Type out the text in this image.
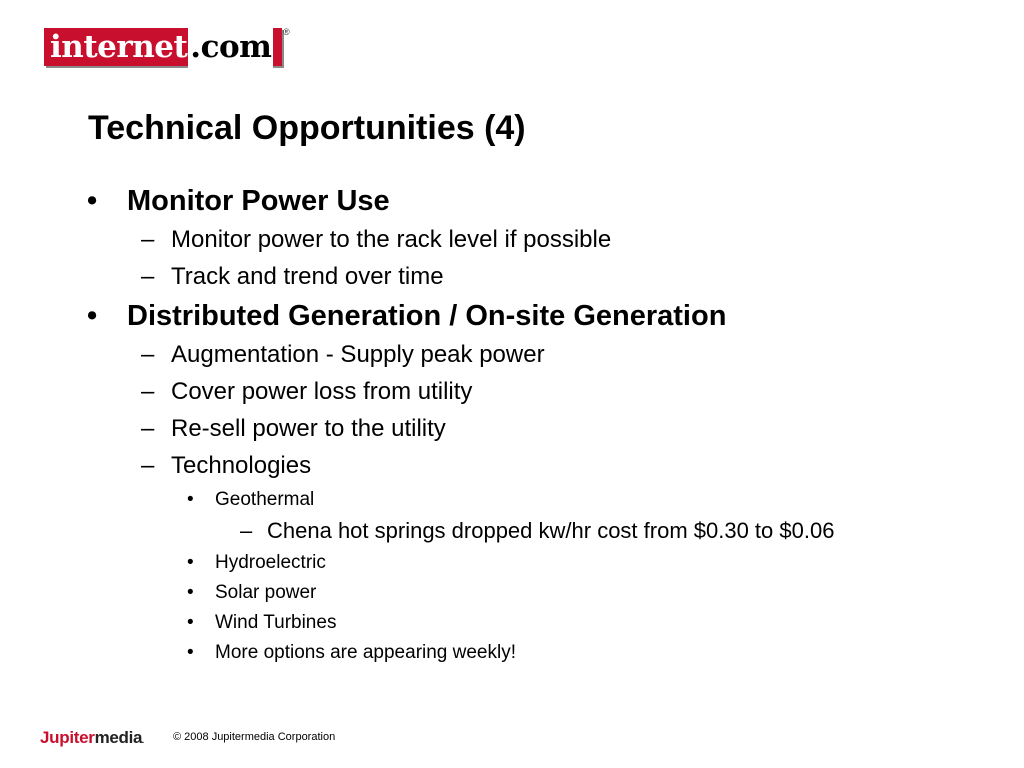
internet.com ®
Technical Opportunities (4)
• Monitor Power Use
– Monitor power to the rack level if possible
– Track and trend over time
• Distributed Generation / On-site Generation
– Augmentation - Supply peak power
– Cover power loss from utility
– Re-sell power to the utility
– Technologies
• Geothermal
– Chena hot springs dropped kw/hr cost from $0.30 to $0.06
• Hydroelectric
• Solar power
• Wind Turbines
• More options are appearing weekly!
Jupitermedia.	© 2008 Jupitermedia Corporation
